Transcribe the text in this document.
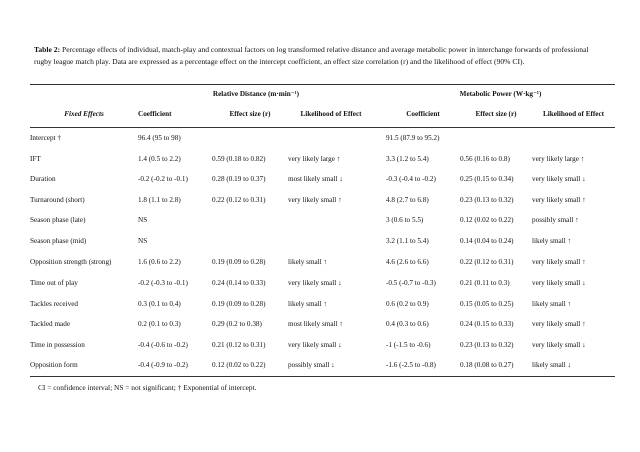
Table 2: Percentage effects of individual, match-play and contextual factors on log transformed relative distance and average metabolic power in interchange forwards of professional rugby league match play. Data are expressed as a percentage effect on the intercept coefficient, an effect size correlation (r) and the likelihood of effect (90% CI).
	Relative Distance (m·min⁻¹)				Metabolic Power (W·kg⁻¹)		
Fixed Effects	Coefficient	Effect size (r)	Likelihood of Effect		Coefficient	Effect size (r)	Likelihood of Effect
Intercept †	96.4 (95 to 98)				91.5 (87.9 to 95.2)		
IFT	1.4 (0.5 to 2.2)	0.59 (0.18 to 0.82)	very likely large ↑		3.3 (1.2 to 5.4)	0.56 (0.16 to 0.8)	very likely large ↑
Duration	-0.2 (-0.2 to -0.1)	0.28 (0.19 to 0.37)	most likely small ↓		-0.3 (-0.4 to -0.2)	0.25 (0.15 to 0.34)	very likely small ↓
Turnaround (short)	1.8 (1.1 to 2.8)	0.22 (0.12 to 0.31)	very likely small ↑		4.8 (2.7 to 6.8)	0.23 (0.13 to 0.32)	very likely small ↑
Season phase (late)	NS				3 (0.6 to 5.5)	0.12 (0.02 to 0.22)	possibly small ↑
Season phase (mid)	NS				3.2 (1.1 to 5.4)	0.14 (0.04 to 0.24)	likely small ↑
Opposition strength (strong)	1.6 (0.6 to 2.2)	0.19 (0.09 to 0.28)	likely small ↑		4.6 (2.6 to 6.6)	0.22 (0.12 to 0.31)	very likely small ↑
Time out of play	-0.2 (-0.3 to -0.1)	0.24 (0.14 to 0.33)	very likely small ↓		-0.5 (-0.7 to -0.3)	0.21 (0.11 to 0.3)	very likely small ↓
Tackles received	0.3 (0.1 to 0.4)	0.19 (0.09 to 0.28)	likely small ↑		0.6 (0.2 to 0.9)	0.15 (0.05 to 0.25)	likely small ↑
Tackled made	0.2 (0.1 to 0.3)	0.29 (0.2 to 0.38)	most likely small ↑		0.4 (0.3 to 0.6)	0.24 (0.15 to 0.33)	very likely small ↑
Time in possession	-0.4 (-0.6 to -0.2)	0.21 (0.12 to 0.31)	very likely small ↓		-1 (-1.5 to -0.6)	0.23 (0.13 to 0.32)	very likely small ↓
Opposition form	-0.4 (-0.9 to -0.2)	0.12 (0.02 to 0.22)	possibly small ↓		-1.6 (-2.5 to -0.8)	0.18 (0.08 to 0.27)	likely small ↓
CI = confidence interval; NS = not significant; † Exponential of intercept.
